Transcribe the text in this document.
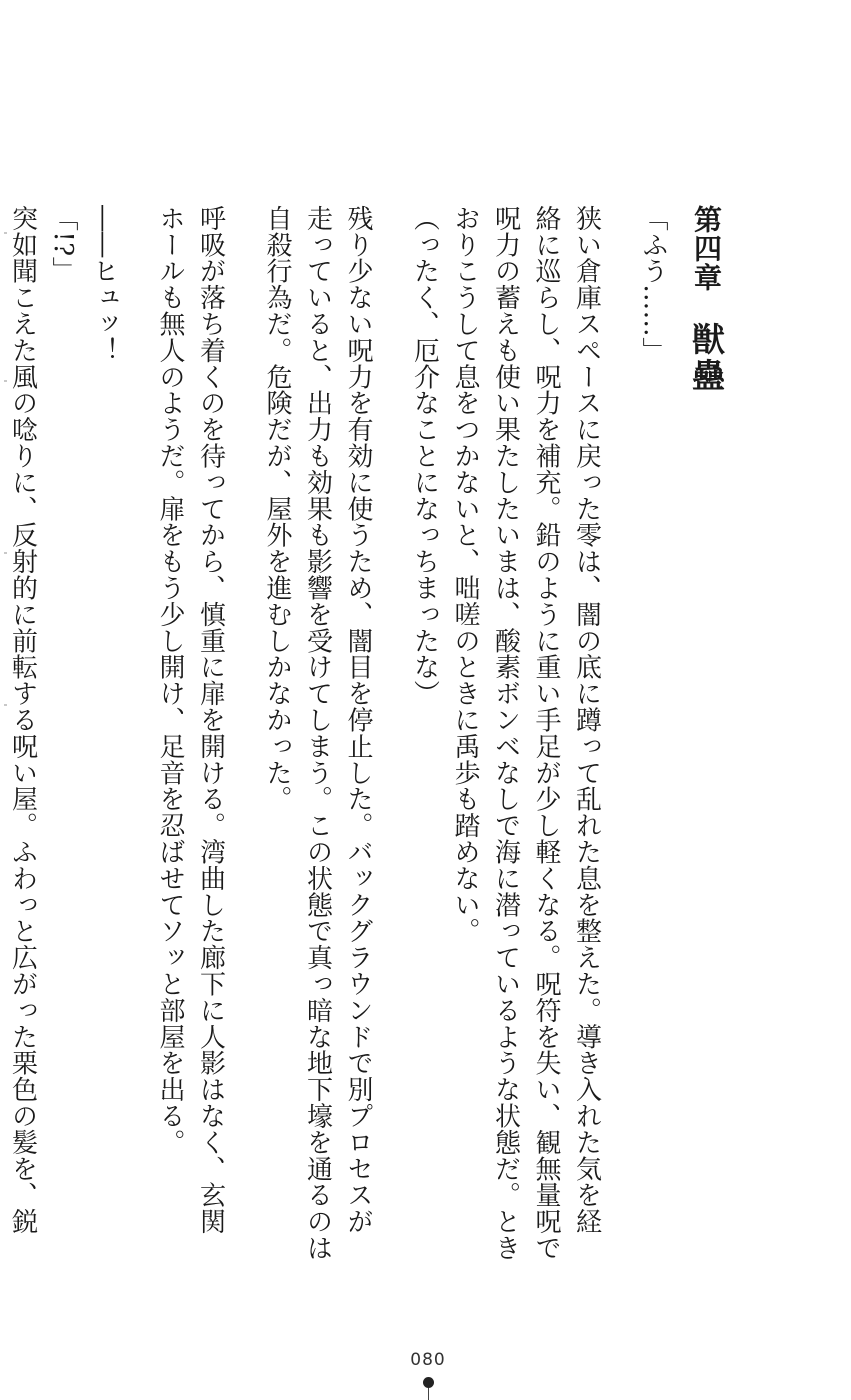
第四章獣蠱
「ふう……」
狭い倉庫スペースに戻った零は、闇の底に蹲って乱れた息を整えた。導き入れた気を経
絡に巡らし、呪力を補充。鉛のように重い手足が少し軽くなる。呪符を失い、観無量呪で
呪力の蓄えも使い果たしたいまは、酸素ボンベなしで海に潜っているような状態だ。とき
おりこうして息をつかないと、咄嗟のときに禹歩も踏めない。
（ったく、厄介なことになっちまったな）
残り少ない呪力を有効に使うため、闇目を停止した。バックグラウンドで別プロセスが
走っていると、出力も効果も影響を受けてしまう。この状態で真っ暗な地下壕を通るのは
自殺行為だ。危険だが、屋外を進むしかなかった。
呼吸が落ち着くのを待ってから、慎重に扉を開ける。湾曲した廊下に人影はなく、玄関
ホールも無人のようだ。扉をもう少し開け、足音を忍ばせてソッと部屋を出る。
――ヒュッ！
「!?」
突如聞こえた風の唸りに、反射的に前転する呪い屋。ふわっと広がった栗色の髪を、鋭
080
